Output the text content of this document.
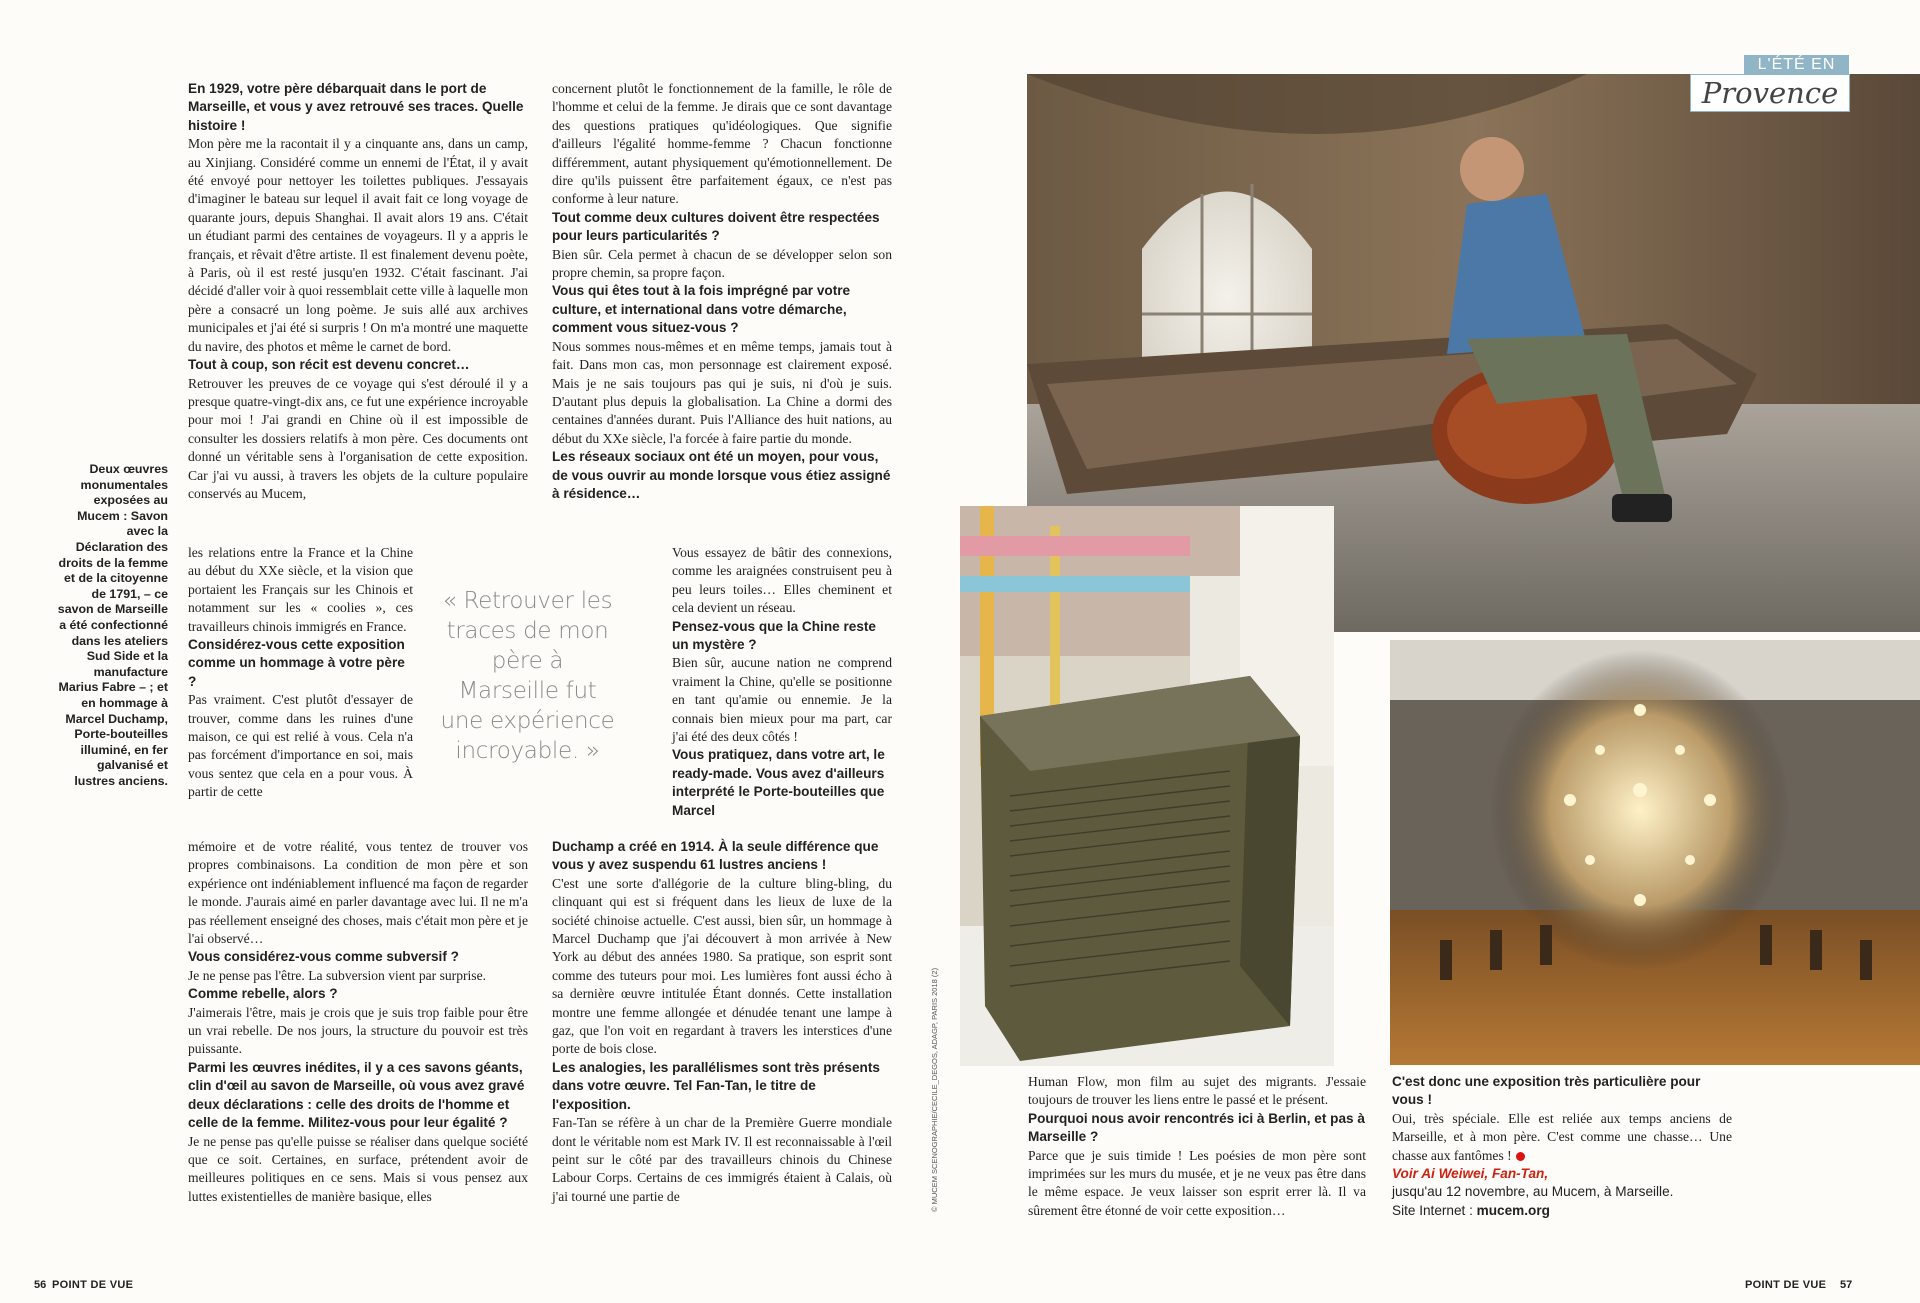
Deux œuvres monumentales exposées au Mucem : Savon avec la Déclaration des droits de la femme et de la citoyenne de 1791, – ce savon de Marseille a été confectionné dans les ateliers Sud Side et la manufacture Marius Fabre – ; et en hommage à Marcel Duchamp, Porte-bouteilles illuminé, en fer galvanisé et lustres anciens.

En 1929, votre père débarquait dans le port de Marseille, et vous y avez retrouvé ses traces. Quelle histoire !

Mon père me la racontait il y a cinquante ans, dans un camp, au Xinjiang. Considéré comme un ennemi de l'État, il y avait été envoyé pour nettoyer les toilettes publiques. J'essayais d'imaginer le bateau sur lequel il avait fait ce long voyage de quarante jours, depuis Shanghai. Il avait alors 19 ans. C'était un étudiant parmi des centaines de voyageurs. Il y a appris le français, et rêvait d'être artiste. Il est finalement devenu poète, à Paris, où il est resté jusqu'en 1932. C'était fascinant. J'ai décidé d'aller voir à quoi ressemblait cette ville à laquelle mon père a consacré un long poème. Je suis allé aux archives municipales et j'ai été si surpris ! On m'a montré une maquette du navire, des photos et même le carnet de bord.

Tout à coup, son récit est devenu concret…

Retrouver les preuves de ce voyage qui s'est déroulé il y a presque quatre-vingt-dix ans, ce fut une expérience incroyable pour moi ! J'ai grandi en Chine où il est impossible de consulter les dossiers relatifs à mon père. Ces documents ont donné un véritable sens à l'organisation de cette exposition. Car j'ai vu aussi, à travers les objets de la culture populaire conservés au Mucem,

les relations entre la France et la Chine au début du XXe siècle, et la vision que portaient les Français sur les Chinois et notamment sur les « coolies », ces travailleurs chinois immigrés en France.

Considérez-vous cette exposition comme un hommage à votre père ?

Pas vraiment. C'est plutôt d'essayer de trouver, comme dans les ruines d'une maison, ce qui est relié à vous. Cela n'a pas forcément d'importance en soi, mais vous sentez que cela en a pour vous. À partir de cette

mémoire et de votre réalité, vous tentez de trouver vos propres combinaisons. La condition de mon père et son expérience ont indéniablement influencé ma façon de regarder le monde. J'aurais aimé en parler davantage avec lui. Il ne m'a pas réellement enseigné des choses, mais c'était mon père et je l'ai observé…

Vous considérez-vous comme subversif ?

Je ne pense pas l'être. La subversion vient par surprise.

Comme rebelle, alors ?

J'aimerais l'être, mais je crois que je suis trop faible pour être un vrai rebelle. De nos jours, la structure du pouvoir est très puissante.

Parmi les œuvres inédites, il y a ces savons géants, clin d'œil au savon de Marseille, où vous avez gravé deux déclarations : celle des droits de l'homme et celle de la femme. Militez-vous pour leur égalité ?

Je ne pense pas qu'elle puisse se réaliser dans quelque société que ce soit. Certaines, en surface, prétendent avoir de meilleures politiques en ce sens. Mais si vous pensez aux luttes existentielles de manière basique, elles

concernent plutôt le fonctionnement de la famille, le rôle de l'homme et celui de la femme. Je dirais que ce sont davantage des questions pratiques qu'idéologiques. Que signifie d'ailleurs l'égalité homme-femme ? Chacun fonctionne différemment, autant physiquement qu'émotionnellement. De dire qu'ils puissent être parfaitement égaux, ce n'est pas conforme à leur nature.

Tout comme deux cultures doivent être respectées pour leurs particularités ?

Bien sûr. Cela permet à chacun de se développer selon son propre chemin, sa propre façon.

Vous qui êtes tout à la fois imprégné par votre culture, et international dans votre démarche, comment vous situez-vous ?

Nous sommes nous-mêmes et en même temps, jamais tout à fait. Dans mon cas, mon personnage est clairement exposé. Mais je ne sais toujours pas qui je suis, ni d'où je suis. D'autant plus depuis la globalisation. La Chine a dormi des centaines d'années durant. Puis l'Alliance des huit nations, au début du XXe siècle, l'a forcée à faire partie du monde.

Les réseaux sociaux ont été un moyen, pour vous, de vous ouvrir au monde lorsque vous étiez assigné à résidence…

Vous essayez de bâtir des connexions, comme les araignées construisent peu à peu leurs toiles… Elles cheminent et cela devient un réseau.

Pensez-vous que la Chine reste un mystère ?

Bien sûr, aucune nation ne comprend vraiment la Chine, qu'elle se positionne en tant qu'amie ou ennemie. Je la connais bien mieux pour ma part, car j'ai été des deux côtés !

Vous pratiquez, dans votre art, le ready-made. Vous avez d'ailleurs interprété le Porte-bouteilles que Marcel

Duchamp a créé en 1914. À la seule différence que vous y avez suspendu 61 lustres anciens !

C'est une sorte d'allégorie de la culture bling-bling, du clinquant qui est si fréquent dans les lieux de luxe de la société chinoise actuelle. C'est aussi, bien sûr, un hommage à Marcel Duchamp que j'ai découvert à mon arrivée à New York au début des années 1980. Sa pratique, son esprit sont comme des tuteurs pour moi. Les lumières font aussi écho à sa dernière œuvre intitulée Étant donnés. Cette installation montre une femme allongée et dénudée tenant une lampe à gaz, que l'on voit en regardant à travers les interstices d'une porte de bois close.

Les analogies, les parallélismes sont très présents dans votre œuvre. Tel Fan-Tan, le titre de l'exposition.

Fan-Tan se réfère à un char de la Première Guerre mondiale dont le véritable nom est Mark IV. Il est reconnaissable à l'œil peint sur le côté par des travailleurs chinois du Chinese Labour Corps. Certains de ces immigrés étaient à Calais, où j'ai tourné une partie de

« Retrouver les traces de mon père à Marseille fut une expérience incroyable. »
56 POINT DE VUE
L'ÉTÉ EN
Provence
© MUCEM SCENOGRAPHIE/CECILE_DEGOS, ADAGP, PARIS 2018 (2)	Human Flow, mon film au sujet des migrants. J'essaie toujours de trouver les liens entre le passé et le présent.

Pourquoi nous avoir rencontrés ici à Berlin, et pas à Marseille ?

Parce que je suis timide ! Les poésies de mon père sont imprimées sur les murs du musée, et je ne veux pas être dans le même espace. Je veux laisser son esprit errer là. Il va sûrement être étonné de voir cette exposition…

C'est donc une exposition très particulière pour vous !

Oui, très spéciale. Elle est reliée aux temps anciens de Marseille, et à mon père. C'est comme une chasse… Une chasse aux fantômes !

Voir Ai Weiwei, Fan-Tan,
jusqu'au 12 novembre, au Mucem, à Marseille.
Site Internet : mucem.org
POINT DE VUE 57
